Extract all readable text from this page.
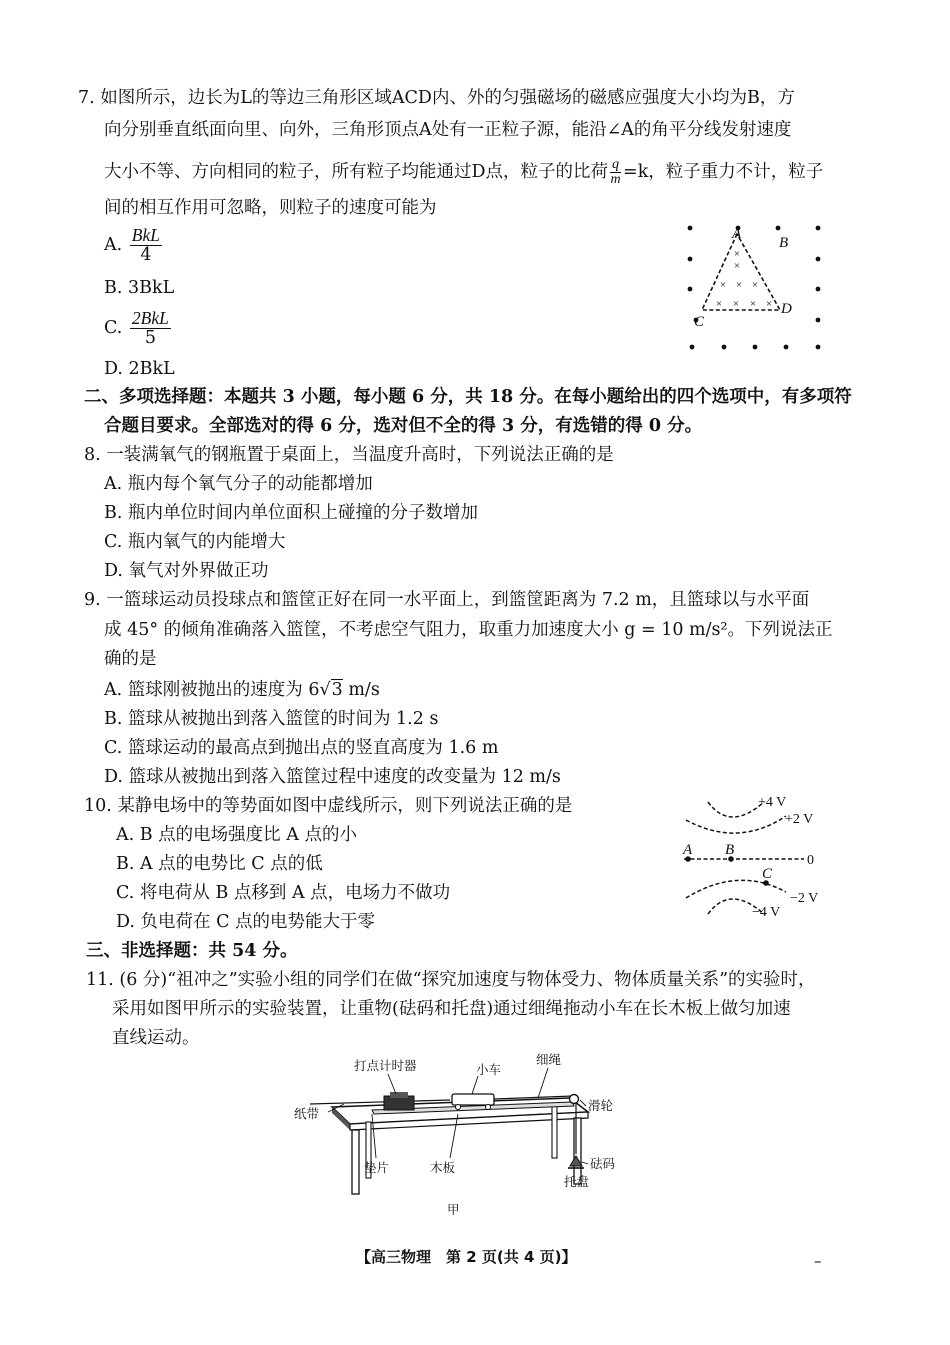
7. 如图所示，边长为L的等边三角形区域ACD内、外的匀强磁场的磁感应强度大小均为B，方
向分别垂直纸面向里、向外，三角形顶点A处有一正粒子源，能沿∠A的角平分线发射速度
大小不等、方向相同的粒子，所有粒子均能通过D点，粒子的比荷 $\frac{q}{m} =k$，粒子重力不计，粒子
间的相互作用可忽略，则粒子的速度可能为
A. $\frac{\text{BkL}}{4}$
B. 3BkL
C. $\frac{\text{2BkL}}{5}$
D. 2BkL
×
×
× × ×
× × × ×
A
B
C
D
二、多项选择题：本题共 3 小题，每小题 6 分，共 18 分。在每小题给出的四个选项中，有多项符
合题目要求。全部选对的得 6 分，选对但不全的得 3 分，有选错的得 0 分。
8. 一装满氧气的钢瓶置于桌面上，当温度升高时，下列说法正确的是
A. 瓶内每个氧气分子的动能都增加
B. 瓶内单位时间内单位面积上碰撞的分子数增加
C. 瓶内氧气的内能增大
D. 氧气对外界做正功
9. 一篮球运动员投球点和篮筐正好在同一水平面上，到篮筐距离为 7.2 m，且篮球以与水平面
成 45° 的倾角准确落入篮筐，不考虑空气阻力，取重力加速度大小 g = 10 m/s²。下列说法正
确的是
A. 篮球刚被抛出的速度为 6√3 m/s
B. 篮球从被抛出到落入篮筐的时间为 1.2 s
C. 篮球运动的最高点到抛出点的竖直高度为 1.6 m
D. 篮球从被抛出到落入篮筐过程中速度的改变量为 12 m/s
10. 某静电场中的等势面如图中虚线所示，则下列说法正确的是
A. B 点的电场强度比 A 点的小
B. A 点的电势比 C 点的低
C. 将电荷从 B 点移到 A 点，电场力不做功
D. 负电荷在 C 点的电势能大于零
+4 V
+2 V
0
−2 V
−4 V
A B
C
三、非选择题：共 54 分。
11. (6 分)“祖冲之”实验小组的同学们在做“探究加速度与物体受力、物体质量关系”的实验时，
采用如图甲所示的实验装置，让重物(砝码和托盘)通过细绳拖动小车在长木板上做匀加速
直线运动。
打点计时器	小车
细绳
纸带
滑轮
垫片	木板	砝码
托盘
甲
【高三物理　第 2 页(共 4 页)】	–
